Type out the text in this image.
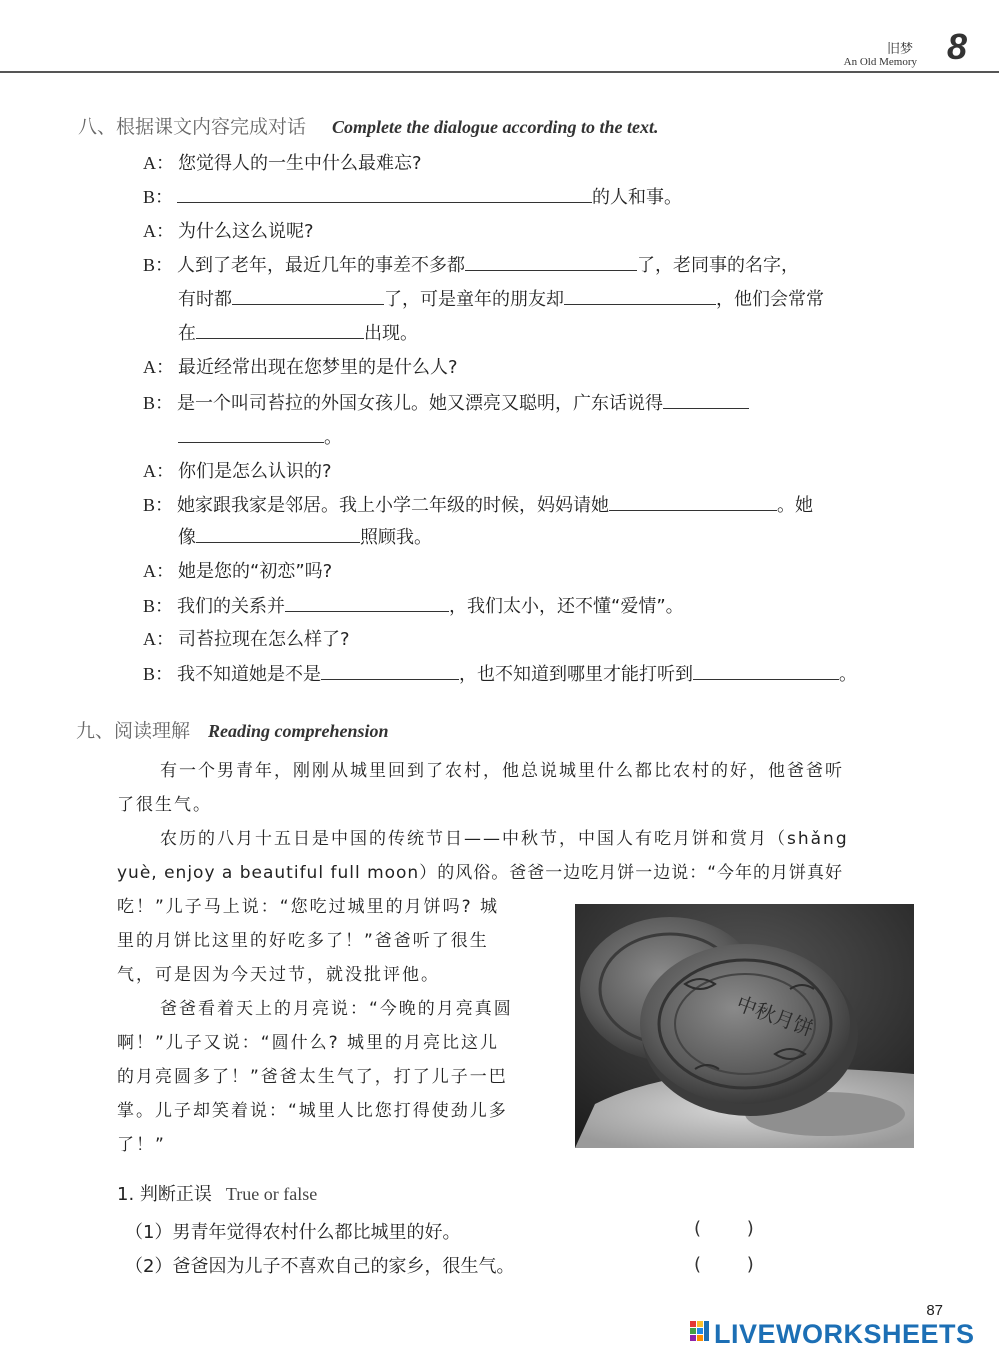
旧梦
An Old Memory 8
八、根据课文内容完成对话 Complete the dialogue according to the text.
A： 您觉得人的一生中什么最难忘?
B：	的人和事。
A： 为什么这么说呢?
B： 人到了老年，最近几年的事差不多都	了，老同事的名字，
有时都	了，可是童年的朋友却	，他们会常常
在	出现。
A： 最近经常出现在您梦里的是什么人?
B： 是一个叫司苔拉的外国女孩儿。她又漂亮又聪明，广东话说得
。
A： 你们是怎么认识的?
B： 她家跟我家是邻居。我上小学二年级的时候，妈妈请她	。她
像	照顾我。
A： 她是您的“初恋”吗?
B： 我们的关系并	，我们太小，还不懂“爱情”。
A： 司苔拉现在怎么样了?
B： 我不知道她是不是	，也不知道到哪里才能打听到	。
九、阅读理解 Reading comprehension
有一个男青年，刚刚从城里回到了农村，他总说城里什么都比农村的好，他爸爸听
了很生气。
农历的八月十五日是中国的传统节日——中秋节，中国人有吃月饼和赏月（shǎng
yuè, enjoy a beautiful full moon）的风俗。爸爸一边吃月饼一边说：“今年的月饼真好
吃！”儿子马上说：“您吃过城里的月饼吗? 城
里的月饼比这里的好吃多了！”爸爸听了很生
气，可是因为今天过节，就没批评他。
爸爸看着天上的月亮说：“今晚的月亮真圆
啊！”儿子又说：“圆什么? 城里的月亮比这儿
的月亮圆多了！”爸爸太生气了，打了儿子一巴
掌。儿子却笑着说：“城里人比您打得使劲儿多
了！”
中秋月饼
1. 判断正误 True or false
（1）男青年觉得农村什么都比城里的好。	(        )
（2）爸爸因为儿子不喜欢自己的家乡，很生气。	(        )
87
LIVEWORKSHEETS
